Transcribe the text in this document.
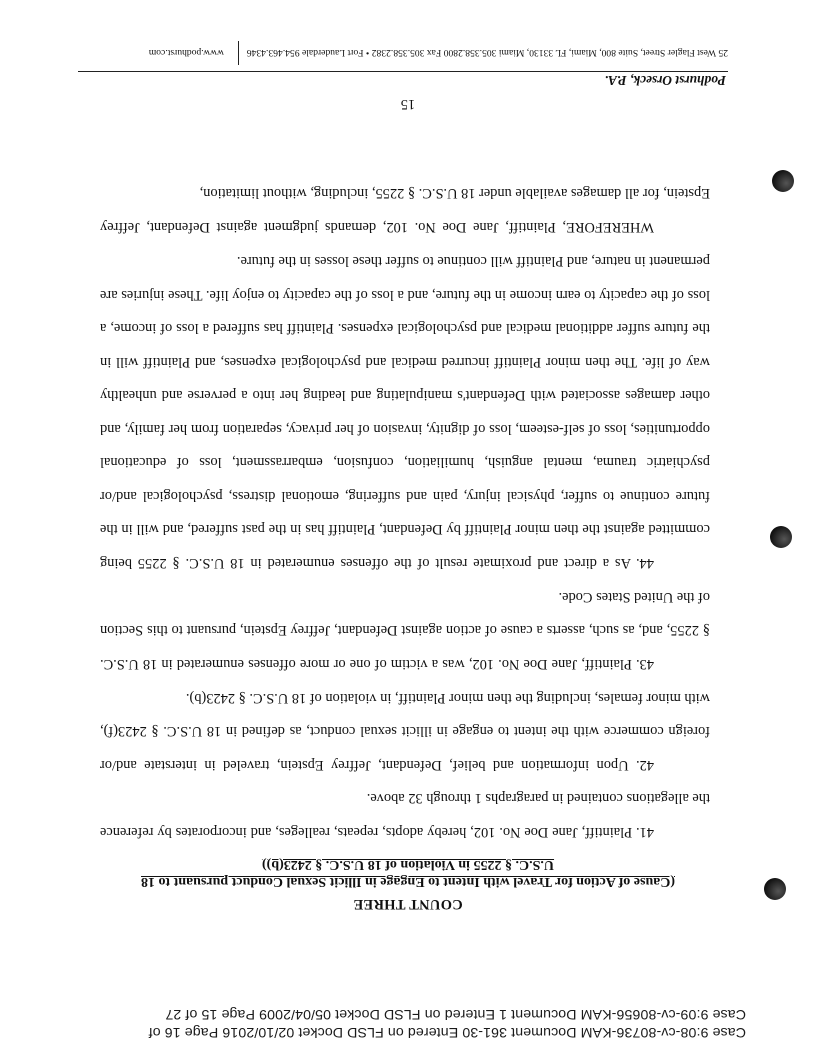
Case 9:08-cv-80736-KAM Document 361-30 Entered on FLSD Docket 02/10/2016 Page 16 of
Case 9:09-cv-80656-KAM Document 1 Entered on FLSD Docket 05/04/2009 Page 15 of 27
COUNT THREE
(Cause of Action for Travel with Intent to Engage in Illicit Sexual Conduct pursuant to 18
U.S.C. § 2255 in Violation of 18 U.S.C. § 2423(b))

41. Plaintiff, Jane Doe No. 102, hereby adopts, repeats, realleges, and incorporates by reference the allegations contained in paragraphs 1 through 32 above.

42. Upon information and belief, Defendant, Jeffrey Epstein, traveled in interstate and/or foreign commerce with the intent to engage in illicit sexual conduct, as defined in 18 U.S.C. § 2423(f), with minor females, including the then minor Plaintiff, in violation of 18 U.S.C. § 2423(b).

43. Plaintiff, Jane Doe No. 102, was a victim of one or more offenses enumerated in 18 U.S.C. § 2255, and, as such, asserts a cause of action against Defendant, Jeffrey Epstein, pursuant to this Section of the United States Code.

44. As a direct and proximate result of the offenses enumerated in 18 U.S.C. § 2255 being committed against the then minor Plaintiff by Defendant, Plaintiff has in the past suffered, and will in the future continue to suffer, physical injury, pain and suffering, emotional distress, psychological and/or psychiatric trauma, mental anguish, humiliation, confusion, embarrassment, loss of educational opportunities, loss of self-esteem, loss of dignity, invasion of her privacy, separation from her family, and other damages associated with Defendant's manipulating and leading her into a perverse and unhealthy way of life. The then minor Plaintiff incurred medical and psychological expenses, and Plaintiff will in the future suffer additional medical and psychological expenses. Plaintiff has suffered a loss of income, a loss of the capacity to earn income in the future, and a loss of the capacity to enjoy life. These injuries are permanent in nature, and Plaintiff will continue to suffer these losses in the future.

WHEREFORE, Plaintiff, Jane Doe No. 102, demands judgment against Defendant, Jeffrey Epstein, for all damages available under 18 U.S.C. § 2255, including, without limitation,

15
Podhurst Orseck, P.A.
25 West Flagler Street, Suite 800, Miami, FL 33130, Miami 305.358.2800 Fax 305.358.2382 • Fort Lauderdale 954.463.4346
www.podhurst.com
